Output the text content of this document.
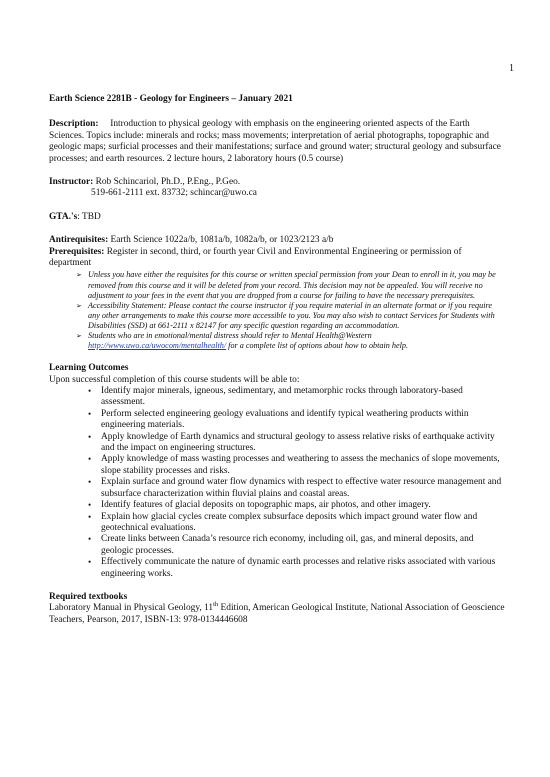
1

Earth Science 2281B - Geology for Engineers – January 2021

Description: Introduction to physical geology with emphasis on the engineering oriented aspects of the Earth Sciences. Topics include: minerals and rocks; mass movements; interpretation of aerial photographs, topographic and geologic maps; surficial processes and their manifestations; surface and ground water; structural geology and subsurface processes; and earth resources. 2 lecture hours, 2 laboratory hours (0.5 course)

Instructor: Rob Schincariol, Ph.D., P.Eng., P.Geo.

519-661-2111 ext. 83732; schincar@uwo.ca

GTA.'s: TBD

Antirequisites: Earth Science 1022a/b, 1081a/b, 1082a/b, or 1023/2123 a/b

Prerequisites: Register in second, third, or fourth year Civil and Environmental Engineering or permission of department

➢ Unless you have either the requisites for this course or written special permission from your Dean to enroll in it, you may be removed from this course and it will be deleted from your record. This decision may not be appealed. You will receive no adjustment to your fees in the event that you are dropped from a course for failing to have the necessary prerequisites.
➢ Accessibility Statement: Please contact the course instructor if you require material in an alternate format or if you require any other arrangements to make this course more accessible to you. You may also wish to contact Services for Students with Disabilities (SSD) at 661-2111 x 82147 for any specific question regarding an accommodation.
➢ Students who are in emotional/mental distress should refer to Mental Health@Western
http://www.uwo.ca/uwocom/mentalhealth/ for a complete list of options about how to obtain help.

Learning Outcomes

Upon successful completion of this course students will be able to:

• Identify major minerals, igneous, sedimentary, and metamorphic rocks through laboratory-based assessment.
• Perform selected engineering geology evaluations and identify typical weathering products within engineering materials.
• Apply knowledge of Earth dynamics and structural geology to assess relative risks of earthquake activity and the impact on engineering structures.
• Apply knowledge of mass wasting processes and weathering to assess the mechanics of slope movements, slope stability processes and risks.
• Explain surface and ground water flow dynamics with respect to effective water resource management and subsurface characterization within fluvial plains and coastal areas.
• Identify features of glacial deposits on topographic maps, air photos, and other imagery.
• Explain how glacial cycles create complex subsurface deposits which impact ground water flow and geotechnical evaluations.
• Create links between Canada’s resource rich economy, including oil, gas, and mineral deposits, and geologic processes.
• Effectively communicate the nature of dynamic earth processes and relative risks associated with various engineering works.

Required textbooks

Laboratory Manual in Physical Geology, 11th Edition, American Geological Institute, National Association of Geoscience Teachers, Pearson, 2017, ISBN-13: 978-0134446608
